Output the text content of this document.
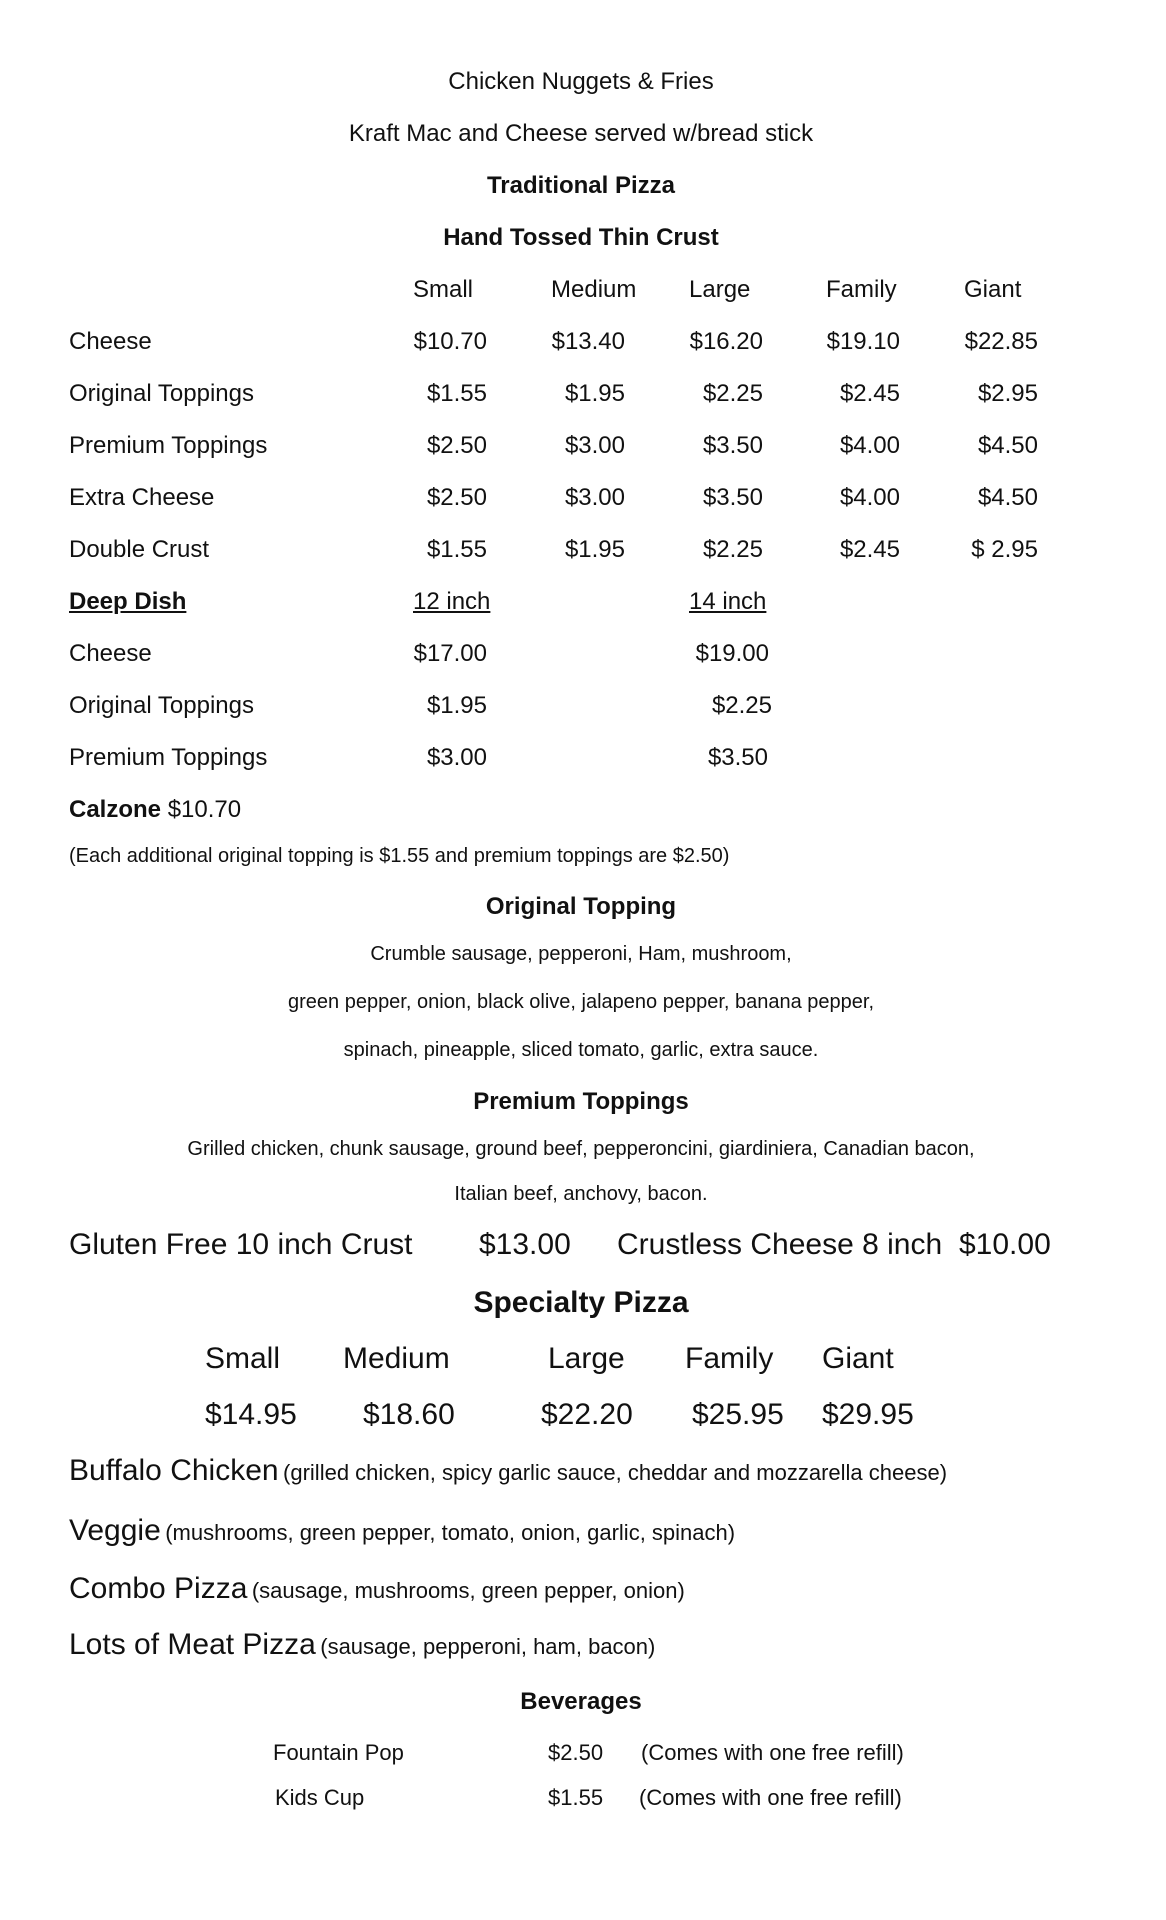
Chicken Nuggets & Fries
Kraft Mac and Cheese served w/bread stick
Traditional Pizza
Hand Tossed Thin Crust
Small	Medium Large	Family	Giant
Cheese	$10.70	$13.40	$16.20	$19.10	$22.85
Original Toppings	$1.55	$1.95	$2.25	$2.45	$2.95
Premium Toppings	$2.50	$3.00	$3.50	$4.00	$4.50
Extra Cheese	$2.50	$3.00	$3.50	$4.00	$4.50
Double Crust	$1.55	$1.95	$2.25	$2.45	$ 2.95
Deep Dish	12 inch	14 inch
Cheese	$17.00	$19.00
Original Toppings	$1.95	$2.25
Premium Toppings	$3.00	$3.50
Calzone $10.70
(Each additional original topping is $1.55 and premium toppings are $2.50)
Original Topping
Crumble sausage, pepperoni, Ham, mushroom,
green pepper, onion, black olive, jalapeno pepper, banana pepper,
spinach, pineapple, sliced tomato, garlic, extra sauce.
Premium Toppings
Grilled chicken, chunk sausage, ground beef, pepperoncini, giardiniera, Canadian bacon,
Italian beef, anchovy, bacon.
Gluten Free 10 inch Crust $13.00 Crustless Cheese 8 inch $10.00
Specialty Pizza
Small Medium	Large Family Giant
$14.95 $18.60	$22.20 $25.95 $29.95
Buffalo Chicken (grilled chicken, spicy garlic sauce, cheddar and mozzarella cheese)
Veggie (mushrooms, green pepper, tomato, onion, garlic, spinach)
Combo Pizza (sausage, mushrooms, green pepper, onion)
Lots of Meat Pizza (sausage, pepperoni, ham, bacon)
Beverages
Fountain Pop	$2.50 (Comes with one free refill)
Kids Cup	$1.55 (Comes with one free refill)
